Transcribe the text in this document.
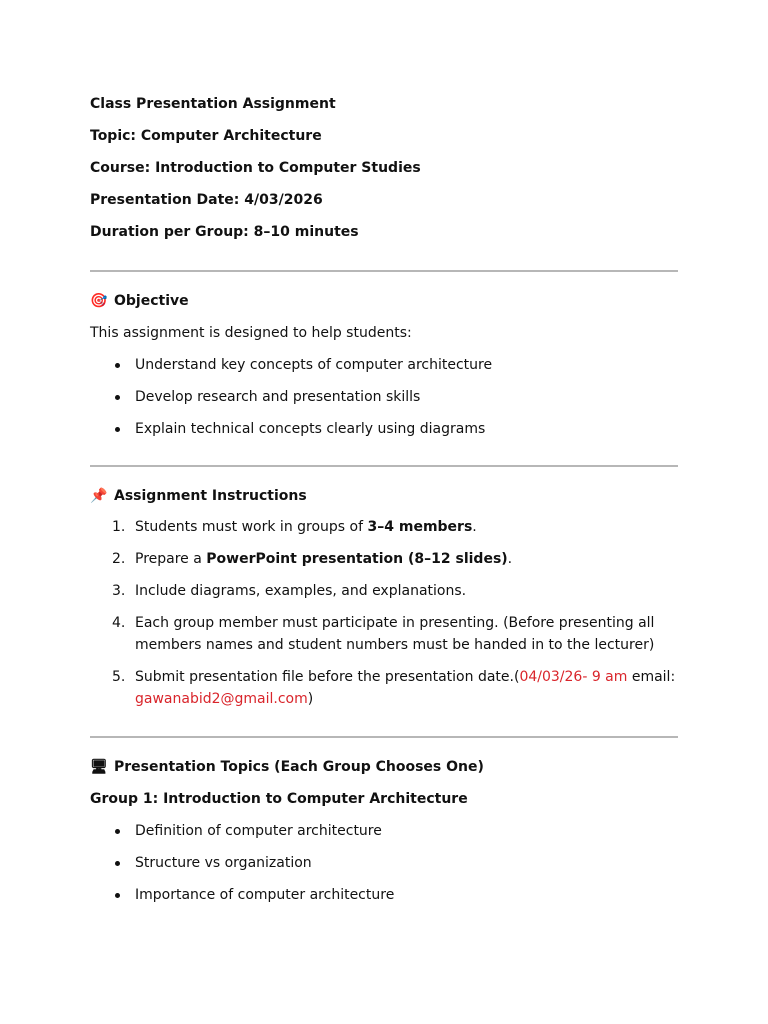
Class Presentation Assignment
Topic: Computer Architecture
Course: Introduction to Computer Studies
Presentation Date: 4/03/2026
Duration per Group: 8–10 minutes
🎯 Objective

This assignment is designed to help students:

Understand key concepts of computer architecture
Develop research and presentation skills
Explain technical concepts clearly using diagrams
📌 Assignment Instructions
1. Students must work in groups of 3–4 members.
2. Prepare a PowerPoint presentation (8–12 slides).
3. Include diagrams, examples, and explanations.
4. Each group member must participate in presenting. (Before presenting all members names and student numbers must be handed in to the lecturer)
5. Submit presentation file before the presentation date.(04/03/26- 9 am email: gawanabid2@gmail.com)
🖥 Presentation Topics (Each Group Chooses One)
Group 1: Introduction to Computer Architecture
Definition of computer architecture
Structure vs organization
Importance of computer architecture
